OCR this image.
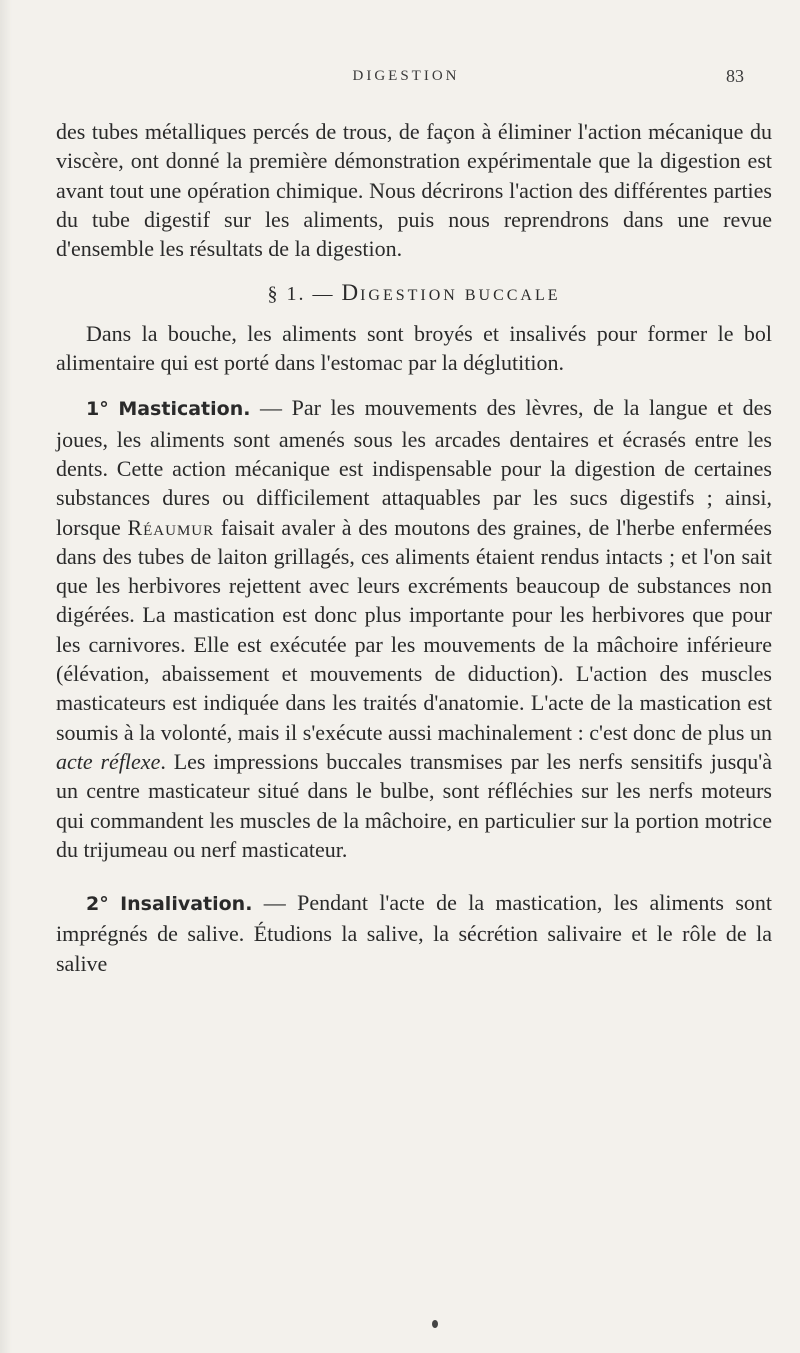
DIGESTION	83

des tubes métalliques percés de trous, de façon à éliminer l'action mécanique du viscère, ont donné la première démonstration expérimentale que la digestion est avant tout une opération chimique. Nous décrirons l'action des différentes parties du tube digestif sur les aliments, puis nous reprendrons dans une revue d'ensemble les résultats de la digestion.

§ 1. — DIGESTION BUCCALE

Dans la bouche, les aliments sont broyés et insalivés pour former le bol alimentaire qui est porté dans l'estomac par la déglutition.

1° Mastication. — Par les mouvements des lèvres, de la langue et des joues, les aliments sont amenés sous les arcades dentaires et écrasés entre les dents. Cette action mécanique est indispensable pour la digestion de certaines substances dures ou difficilement attaquables par les sucs digestifs ; ainsi, lorsque Réaumur faisait avaler à des moutons des graines, de l'herbe enfermées dans des tubes de laiton grillagés, ces aliments étaient rendus intacts ; et l'on sait que les herbivores rejettent avec leurs excréments beaucoup de substances non digérées. La mastication est donc plus importante pour les herbivores que pour les carnivores. Elle est exécutée par les mouvements de la mâchoire inférieure (élévation, abaissement et mouvements de diduction). L'action des muscles masticateurs est indiquée dans les traités d'anatomie. L'acte de la mastication est soumis à la volonté, mais il s'exécute aussi machinalement : c'est donc de plus un acte réflexe. Les impressions buccales transmises par les nerfs sensitifs jusqu'à un centre masticateur situé dans le bulbe, sont réfléchies sur les nerfs moteurs qui commandent les muscles de la mâchoire, en particulier sur la portion motrice du trijumeau ou nerf masticateur.

2° Insalivation. — Pendant l'acte de la mastication, les aliments sont imprégnés de salive. Étudions la salive, la sécrétion salivaire et le rôle de la salive
